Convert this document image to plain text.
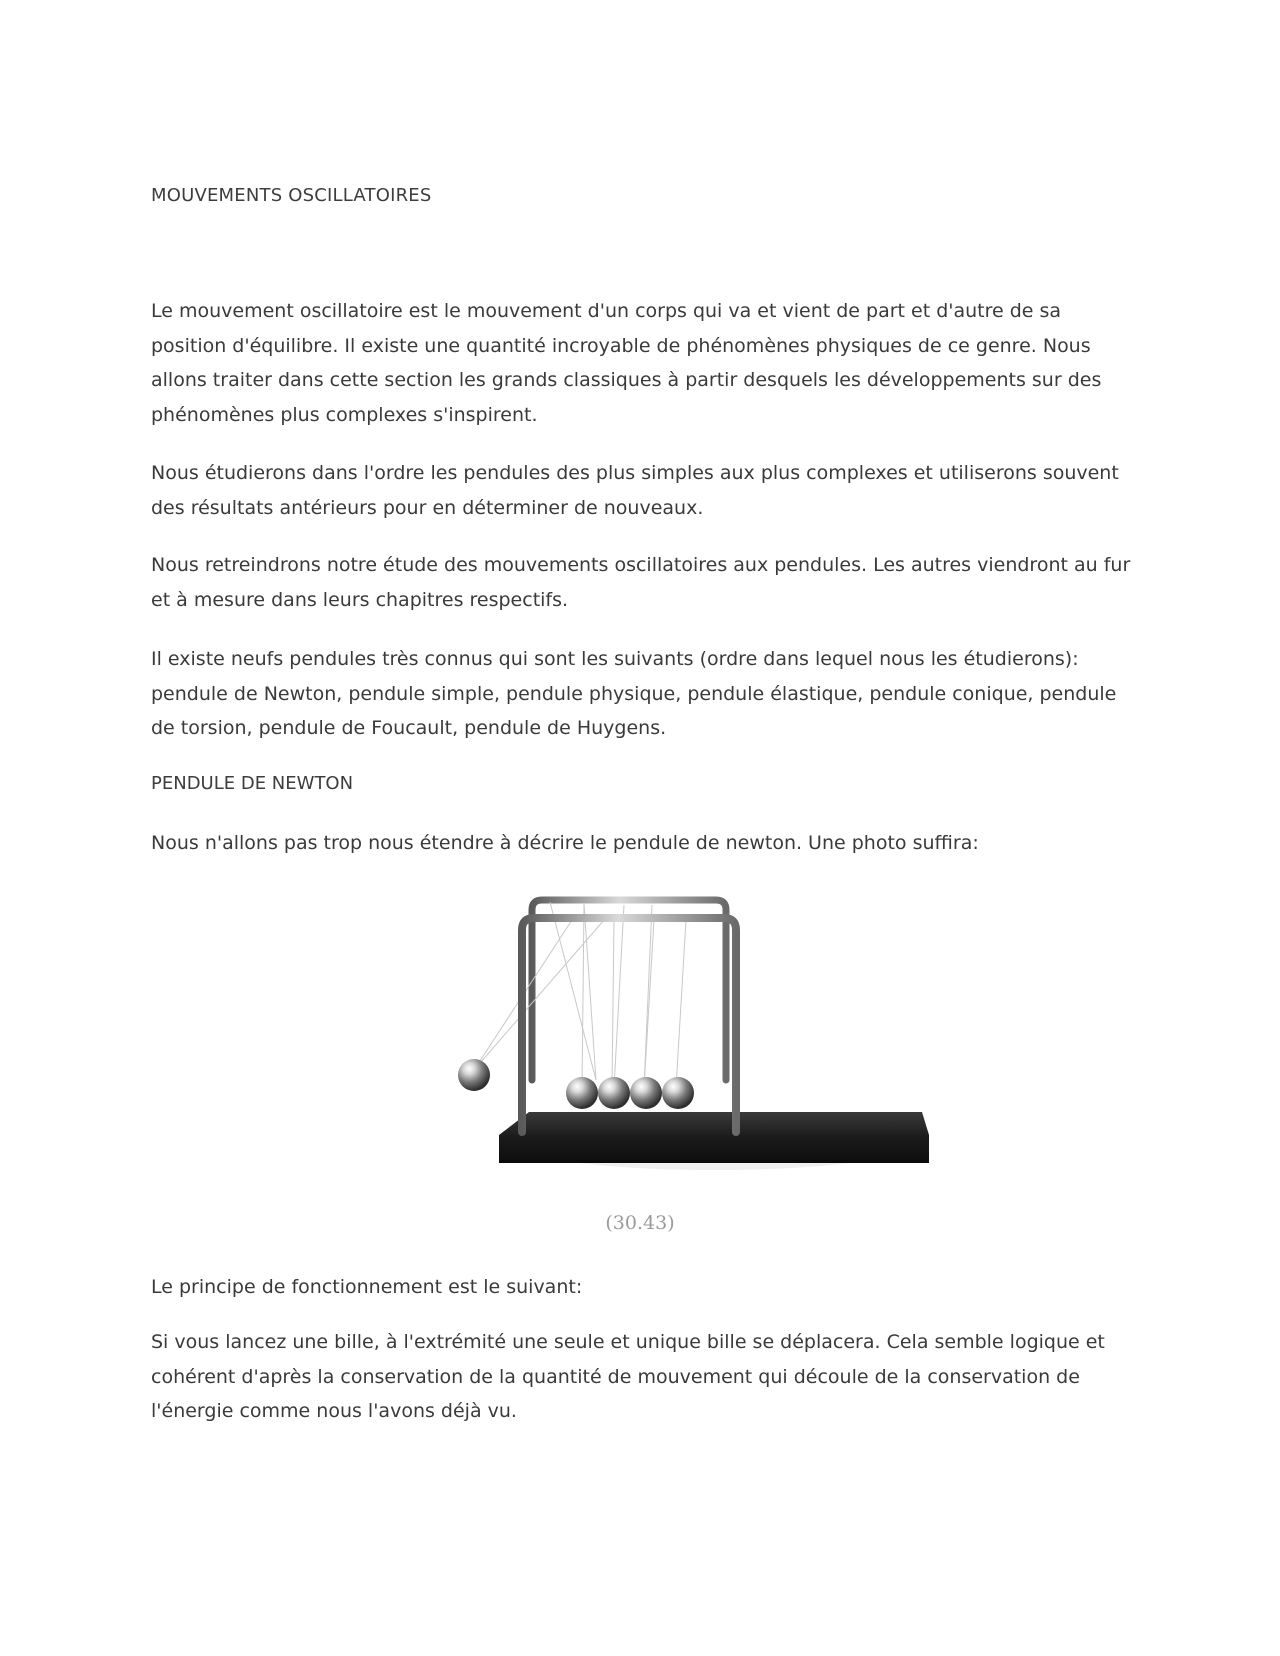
MOUVEMENTS OSCILLATOIRES

Le mouvement oscillatoire est le mouvement d'un corps qui va et vient de part et d'autre de sa position d'équilibre. Il existe une quantité incroyable de phénomènes physiques de ce genre. Nous allons traiter dans cette section les grands classiques à partir desquels les développements sur des phénomènes plus complexes s'inspirent.

Nous étudierons dans l'ordre les pendules des plus simples aux plus complexes et utiliserons souvent des résultats antérieurs pour en déterminer de nouveaux.

Nous retreindrons notre étude des mouvements oscillatoires aux pendules. Les autres viendront au fur et à mesure dans leurs chapitres respectifs.

Il existe neufs pendules très connus qui sont les suivants (ordre dans lequel nous les étudierons): pendule de Newton, pendule simple, pendule physique, pendule élastique, pendule conique, pendule de torsion, pendule de Foucault, pendule de Huygens.

PENDULE DE NEWTON

Nous n'allons pas trop nous étendre à décrire le pendule de newton. Une photo suffira:

(30.43)

Le principe de fonctionnement est le suivant:

Si vous lancez une bille, à l'extrémité une seule et unique bille se déplacera. Cela semble logique et cohérent d'après la conservation de la quantité de mouvement qui découle de la conservation de l'énergie comme nous l'avons déjà vu.
